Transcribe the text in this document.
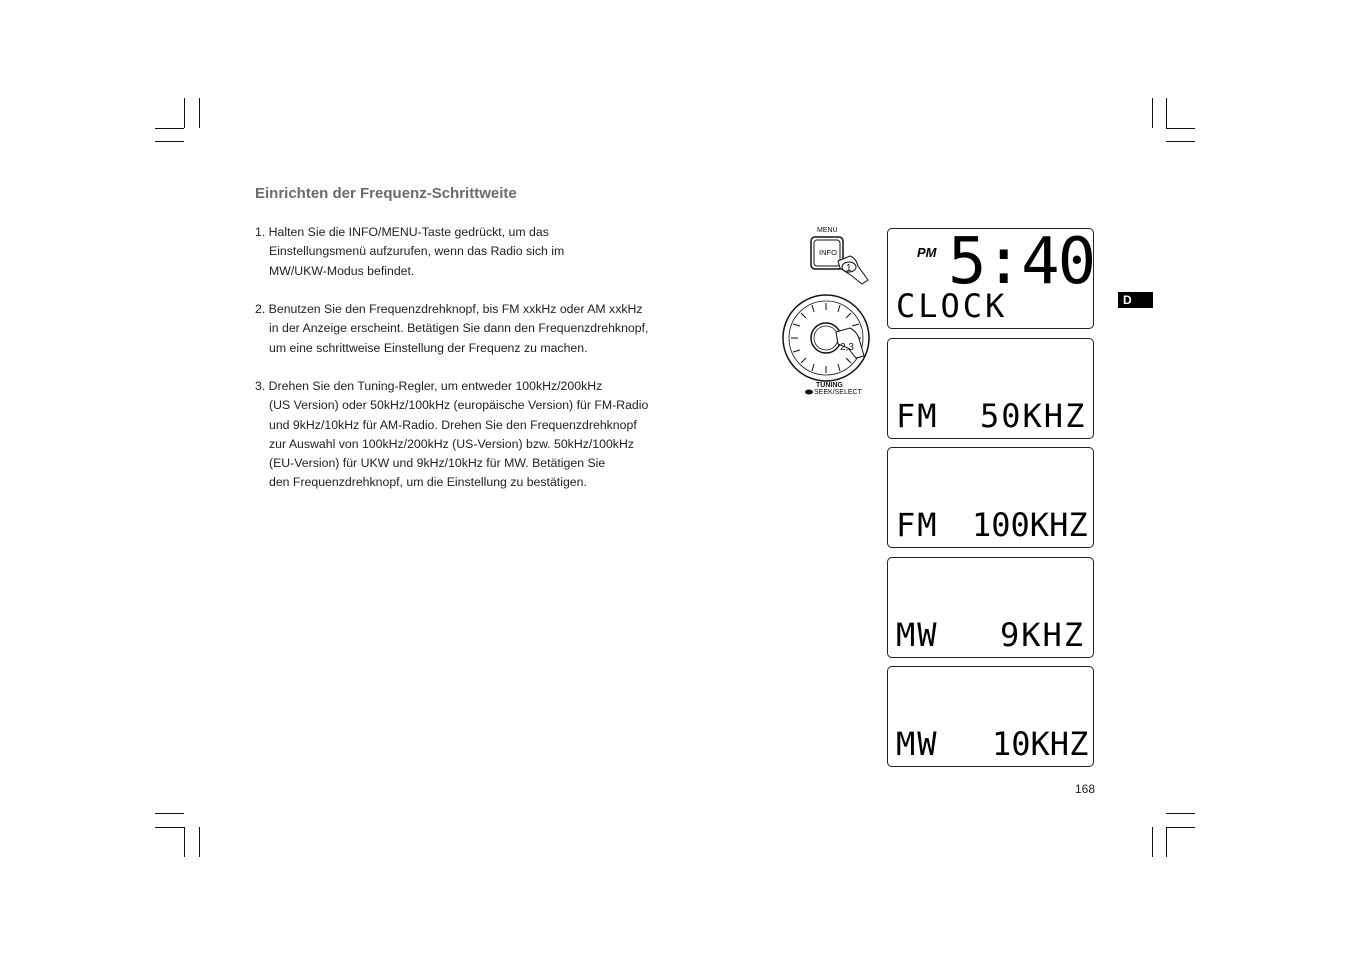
Einrichten der Frequenz-Schrittweite
1. Halten Sie die INFO/MENU-Taste gedrückt, um das
Einstellungsmenü aufzurufen, wenn das Radio sich im
MW/UKW-Modus befindet.
2. Benutzen Sie den Frequenzdrehknopf, bis FM xxkHz oder AM xxkHz
in der Anzeige erscheint. Betätigen Sie dann den Frequenzdrehknopf,
um eine schrittweise Einstellung der Frequenz zu machen.
3. Drehen Sie den Tuning-Regler, um entweder 100kHz/200kHz
(US Version) oder 50kHz/100kHz (europäische Version) für FM-Radio
und 9kHz/10kHz für AM-Radio. Drehen Sie den Frequenzdrehknopf
zur Auswahl von 100kHz/200kHz (US-Version) bzw. 50kHz/100kHz
(EU-Version) für UKW und 9kHz/10kHz für MW. Betätigen Sie
den Frequenzdrehknopf, um die Einstellung zu bestätigen.
MENU
INFO
1
2,3
TUNING
SEEK/SELECT
PM 5:40
CLOCK
FM 50KHZ
FM 100KHZ
MW 9KHZ
MW 10KHZ
D
168
